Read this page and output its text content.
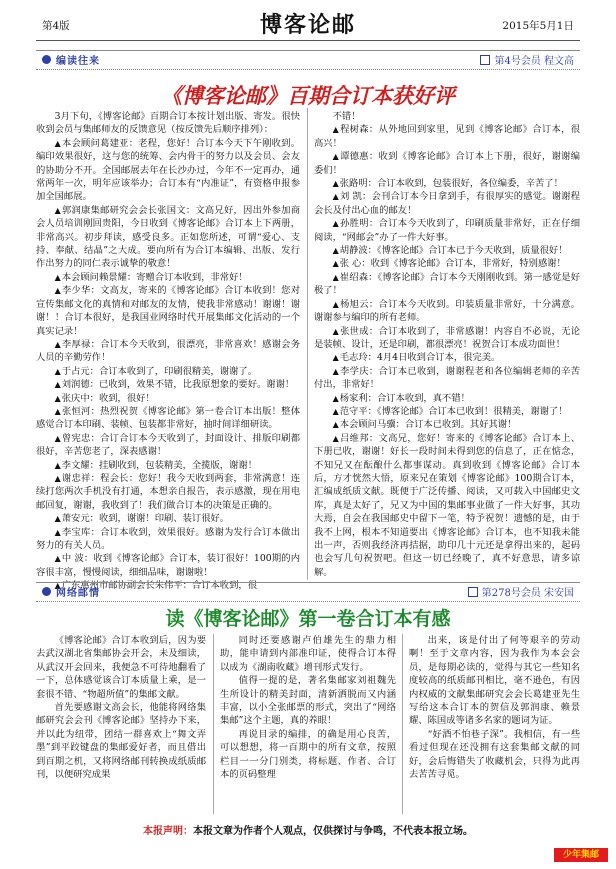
第4版	博客论邮	2015年5月1日
编读往来	第4号会员 程文高
《博客论邮》百期合订本获好评

3月下旬，《博客论邮》百期合订本按计划出版、寄发。很快收到会员与集邮师友的反馈意见（按反馈先后顺序排列）：

▲ 本会顾问葛建亚：老程，您好！合订本今天下午刚收到。编印效果很好，这与您的统筹、会内骨干的努力以及会员、会友的协助分不开。全国邮展去年在长沙办过，今年不一定再办，通常两年一次，明年应该举办；合订本有“内准证”，有资格申报参加全国邮展。

▲ 郭润康集邮研究会会长张国文：文高兄好，因出外参加商会人员培训刚回贵阳，今日收到《博客论邮》合订本上下两册，非常高兴。初步拜读，感受良多。正如您所述，可谓“爱心、支持、奉献、结晶”之大成。要向所有为合订本编辑、出版、发行作出努力的同仁表示诚挚的敬意！

▲ 本会顾问赖景耀：寄赠合订本收到，非常好！

▲ 李少华：文高友，寄来的《博客论邮》合订本收到！您对宣传集邮文化的真情和对邮友的友情，使我非常感动！谢谢！谢谢！！合订本很好，是我国业网络时代开展集邮文化活动的一个真实记录！

▲ 李厚禄：合订本今天收到，很漂亮，非常喜欢！感谢会务人员的辛勤劳作！

▲ 于占元：合订本收到了，印刷很精美，谢谢了。

▲ 刘润德：已收到，效果不错，比我原想象的要好。谢谢！

▲ 张庆中：收到，很好！

▲ 张恒河：热烈祝贺《博客论邮》第一卷合订本出版！整体感觉合订本印刷、装帧、包装都非常好，抽时间详细研读。

▲ 曾宪忠：合订合订本今天收到了，封面设计、排版印刷都很好，辛苦您老了，深表感谢！

▲ 李文耀：挂刷收到，包装精美，全揽版，谢谢！

▲ 谢忠祥：程会长：您好！我今天收到两套，非常满意！连续打您两次手机没有打通，本想亲自报告，表示感激，现在用电邮回复，谢谢，我收到了！我们做合订本的决策是正确的。

▲ 萧安元：收到，谢谢！印刷、装订很好。

▲ 李宝库：合订本收到，效果很好。感谢为发行合订本做出努力的有关人员。

▲ 中 波：收到《博客论邮》合订本，装订很好！100期的内容很丰富，慢慢阅读，细细品味，谢谢啦！

▲ 广东惠州市邮协副会长朱伟平：合订本收到，很

不错！

▲ 程树森：从外地回到家里，见到《博客论邮》合订本，很高兴！

▲ 谭德惠：收到《博客论邮》合订本上下册，很好，谢谢编委们！

▲ 张路明：合订本收到，包装很好，各位编委，辛苦了！

▲ 刘 凯：会刊合订本今日拿到手，有很厚实的感觉。谢谢程会长及付出心血的邮友！

▲ 孙胜明：合订本今天收到了，印刷质量非常好，正在仔细阅读，“网邮会”办了一件大好事。

▲ 胡静波：《博客论邮》合订本已于今天收到，质量很好！

▲ 张 心：收到《博客论邮》合订本，非常好，特别感谢！

▲ 崔绍森：《博客论邮》合订本今天刚刚收到。第一感觉是好极了！

▲ 杨旭云：合订本今天收到。印装质量非常好，十分满意。谢谢参与编印的所有老师。

▲ 张世成：合订本收到了，非常感谢！内容自不必说，无论是装帧、设计，还是印刷，都很漂亮！祝贺合订本成功面世！

▲ 毛志玲：4月4日收到合订本，很完美。

▲ 李学庆：合订本已收到，谢谢程老和各位编辑老师的辛苦付出，非常好！

▲ 杨家利：合订本收到，真不错！

▲ 范守平：《博客论邮》合订本已收到！很精美，谢谢了！

▲ 本会顾问马骥：合订本已收到。其好其谢！

▲ 吕维邦：文高兄，您好！寄来的《博客论邮》合订本上、下册已收，谢谢！好长一段时间未得到您的信息了，正在惦念，不知兄又在酝酿什么都事谋动。真到收到《博客论邮》合订本后，方才恍然大悟，原来兄在策划《博客论邮》100期合订本，汇编成纸质文献。既便于广泛传播、阅读，又可载入中国邮史文库，真是太好了，兄又为中国的集邮事业做了一件大好事，其功大焉，自会在我国邮史中留下一笔，特予祝贺！遗憾的是，由于我不上网，根本不知道要出《博客论邮》合订本，也不知我未能出一声，否则我经济再拮据，助印几十元还是拿得出来的，起码也会写几句祝贺吧。但这一切已经晚了，真不好意思，请多谅解。

网络邮情	第278号会员 宋安国
读《博客论邮》第一卷合订本有感

《博客论邮》合订本收到后，因为要去武汉湖北省集邮协会开会，未及细读，从武汉开会回来，我便急不可待地翻看了一下，总体感觉该合订本质量上乘，是一套很不错、“物超所值”的集邮文献。

首先要感谢文高会长，他能将网络集邮研究会会刊《博客论邮》坚持办下来，并以此为纽带，团结一群喜欢上“舞文弄墨”到平跤键盘的集邮爱好者，而且借出到百期之机，又将网络邮刊转换成纸质邮刊，以便研究成果

同时还要感谢卢伯雄先生的鼎力相助，能申请到内部准印证，使得合订本得以成为《湖南收藏》增刊形式发行。

值得一提的是，著名集邮家刘祖魏先生所设计的精美封面，清新洒脱而又内涵丰富，以小全张邮票的形式，突出了“网络集邮”这个主题，真的养眼！

再说目录的编排，的确是用心良苦，可以想想，将一百期中的所有文章，按照栏目一一分门别类，将标题、作者、合订本的页码整理

出来，该是付出了何等艰辛的劳动啊！至于文章内容，因为我作为本会会员，是每期必读的，觉得与其它一些知名度较高的纸质邮刊相比，毫不逊色，有因内权威的文献集邮研究会会长葛建亚先生写给这本合订本的贺信及郭润康、赖景耀、陈国成等诸多名家的题词为证。

“好酒不怕巷子深”。我相信，有一些看过但现在还没拥有这套集邮文献的同好，会后悔错失了收藏机会，只得为此再去苦苦寻觅。

本报声明：本报文章为作者个人观点，仅供探讨与争鸣，不代表本报立场。
少年集邮
